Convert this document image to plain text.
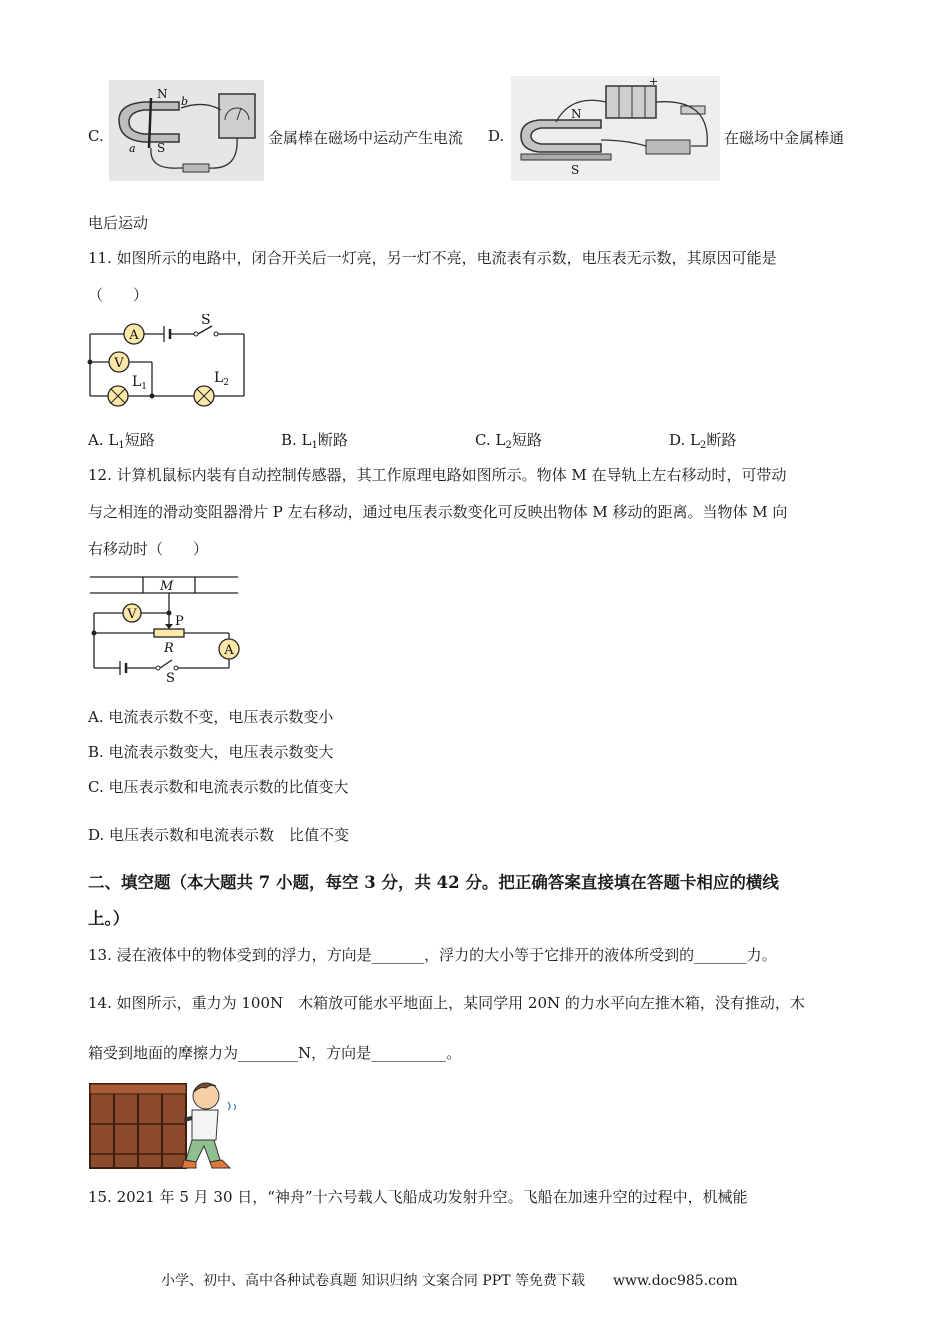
C.
N
S
a
b
金属棒在磁场中运动产生电流 D.
+
N
S
在磁场中金属棒通
电后运动
11. 如图所示的电路中，闭合开关后一灯亮，另一灯不亮，电流表有示数，电压表无示数，其原因可能是
（　　）
A
V
S
$L_1$
$L_2$
A. $L_1$短路	B. $L_1$断路	C. $L_2$短路	D. $L_2$断路
12. 计算机鼠标内装有自动控制传感器，其工作原理电路如图所示。物体 M 在导轨上左右移动时，可带动
与之相连的滑动变阻器滑片 P 左右移动，通过电压表示数变化可反映出物体 M 移动的距离。当物体 M 向
右移动时（　　）
M
V	P
R
S
A
A. 电流表示数不变，电压表示数变小
B. 电流表示数变大，电压表示数变大
C. 电压表示数和电流表示数的比值变大
D. 电压表示数和电流表示数　比值不变
二、填空题（本大题共 7 小题，每空 3 分，共 42 分。把正确答案直接填在答题卡相应的横线
上。）
13. 浸在液体中的物体受到的浮力，方向是_______，浮力的大小等于它排开的液体所受到的_______力。
14. 如图所示，重力为 100N　木箱放可能水平地面上，某同学用 20N 的力水平向左推木箱，没有推动，木
箱受到地面的摩擦力为________N，方向是__________。
15. 2021 年 5 月 30 日，“神舟”十六号载人飞船成功发射升空。飞船在加速升空的过程中，机械能
小学、初中、高中各种试卷真题 知识归纳 文案合同 PPT 等免费下载　　www.doc985.com
